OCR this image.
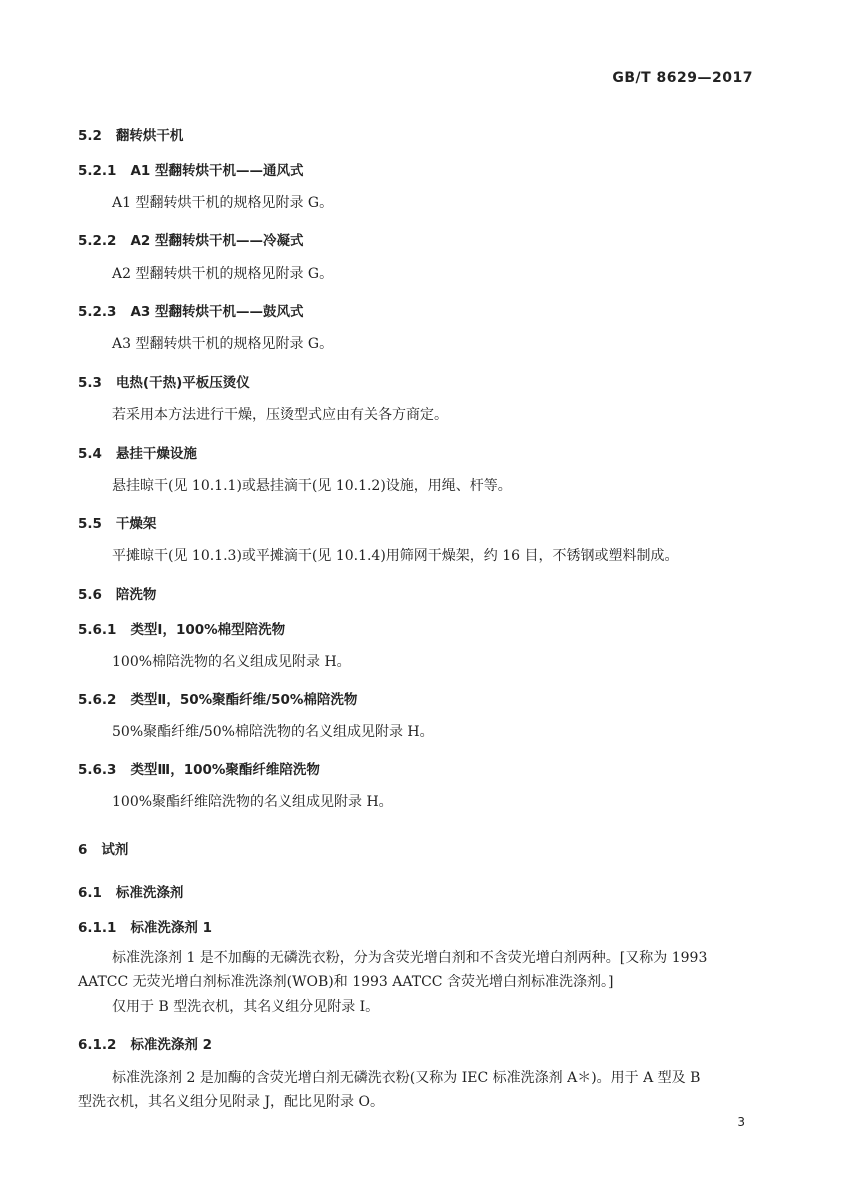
GB/T 8629—2017
5.2 翻转烘干机
5.2.1 A1 型翻转烘干机——通风式
A1 型翻转烘干机的规格见附录 G。
5.2.2 A2 型翻转烘干机——冷凝式
A2 型翻转烘干机的规格见附录 G。
5.2.3 A3 型翻转烘干机——鼓风式
A3 型翻转烘干机的规格见附录 G。
5.3 电热(干热)平板压烫仪
若采用本方法进行干燥，压烫型式应由有关各方商定。
5.4 悬挂干燥设施
悬挂晾干(见 10.1.1)或悬挂滴干(见 10.1.2)设施，用绳、杆等。
5.5 干燥架
平摊晾干(见 10.1.3)或平摊滴干(见 10.1.4)用筛网干燥架，约 16 目，不锈钢或塑料制成。
5.6 陪洗物
5.6.1 类型Ⅰ，100%棉型陪洗物
100%棉陪洗物的名义组成见附录 H。
5.6.2 类型Ⅱ，50%聚酯纤维/50%棉陪洗物
50%聚酯纤维/50%棉陪洗物的名义组成见附录 H。
5.6.3 类型Ⅲ，100%聚酯纤维陪洗物
100%聚酯纤维陪洗物的名义组成见附录 H。
6 试剂
6.1 标准洗涤剂
6.1.1 标准洗涤剂 1
标准洗涤剂 1 是不加酶的无磷洗衣粉，分为含荧光增白剂和不含荧光增白剂两种。[又称为 1993
AATCC 无荧光增白剂标准洗涤剂(WOB)和 1993 AATCC 含荧光增白剂标准洗涤剂。]
仅用于 B 型洗衣机，其名义组分见附录 I。
6.1.2 标准洗涤剂 2
标准洗涤剂 2 是加酶的含荧光增白剂无磷洗衣粉(又称为 IEC 标准洗涤剂 A＊)。用于 A 型及 B
型洗衣机，其名义组分见附录 J，配比见附录 O。
3
